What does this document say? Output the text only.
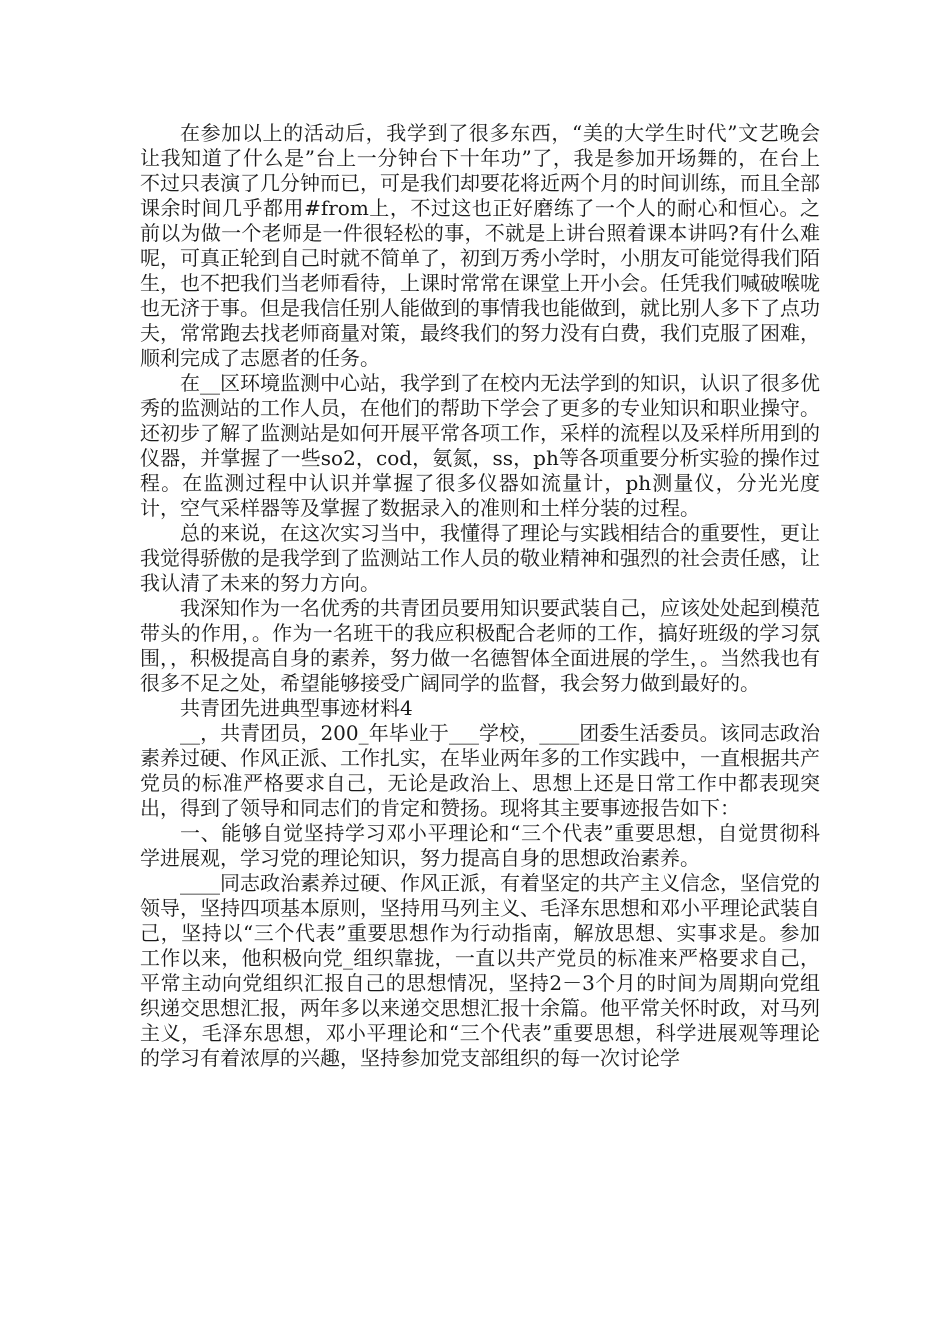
在参加以上的活动后，我学到了很多东西，“美的大学生时代”文艺晚会让我知道了什么是”台上一分钟台下十年功”了，我是参加开场舞的，在台上不过只表演了几分钟而已，可是我们却要花将近两个月的时间训练，而且全部课余时间几乎都用#from上，不过这也正好磨练了一个人的耐心和恒心。之前以为做一个老师是一件很轻松的事，不就是上讲台照着课本讲吗?有什么难呢，可真正轮到自己时就不简单了，初到万秀小学时，小朋友可能觉得我们陌生，也不把我们当老师看待，上课时常常在课堂上开小会。任凭我们喊破喉咙也无济于事。但是我信任别人能做到的事情我也能做到，就比别人多下了点功夫，常常跑去找老师商量对策，最终我们的努力没有白费，我们克服了困难，顺利完成了志愿者的任务。

在__区环境监测中心站，我学到了在校内无法学到的知识，认识了很多优秀的监测站的工作人员，在他们的帮助下学会了更多的专业知识和职业操守。还初步了解了监测站是如何开展平常各项工作，采样的流程以及采样所用到的仪器，并掌握了一些so2，cod，氨氮，ss，ph等各项重要分析实验的操作过程。在监测过程中认识并掌握了很多仪器如流量计，ph测量仪，分光光度计，空气采样器等及掌握了数据录入的准则和土样分装的过程。

总的来说，在这次实习当中，我懂得了理论与实践相结合的重要性，更让我觉得骄傲的是我学到了监测站工作人员的敬业精神和强烈的社会责任感，让我认清了未来的努力方向。

我深知作为一名优秀的共青团员要用知识要武装自己，应该处处起到模范带头的作用，。作为一名班干的我应积极配合老师的工作，搞好班级的学习氛围，，积极提高自身的素养，努力做一名德智体全面进展的学生，。当然我也有很多不足之处，希望能够接受广阔同学的监督，我会努力做到最好的。

共青团先进典型事迹材料4

__，共青团员，200_年毕业于___学校，____团委生活委员。该同志政治素养过硬、作风正派、工作扎实，在毕业两年多的工作实践中，一直根据共产党员的标准严格要求自己，无论是政治上、思想上还是日常工作中都表现突出，得到了领导和同志们的肯定和赞扬。现将其主要事迹报告如下：

一、能够自觉坚持学习邓小平理论和“三个代表”重要思想，自觉贯彻科学进展观，学习党的理论知识，努力提高自身的思想政治素养。

____同志政治素养过硬、作风正派，有着坚定的共产主义信念，坚信党的领导，坚持四项基本原则，坚持用马列主义、毛泽东思想和邓小平理论武装自己，坚持以“三个代表”重要思想作为行动指南，解放思想、实事求是。参加工作以来，他积极向党_组织靠拢，一直以共产党员的标准来严格要求自己，平常主动向党组织汇报自己的思想情况，坚持2－3个月的时间为周期向党组织递交思想汇报，两年多以来递交思想汇报十余篇。他平常关怀时政，对马列主义，毛泽东思想，邓小平理论和“三个代表”重要思想，科学进展观等理论的学习有着浓厚的兴趣，坚持参加党支部组织的每一次讨论学
